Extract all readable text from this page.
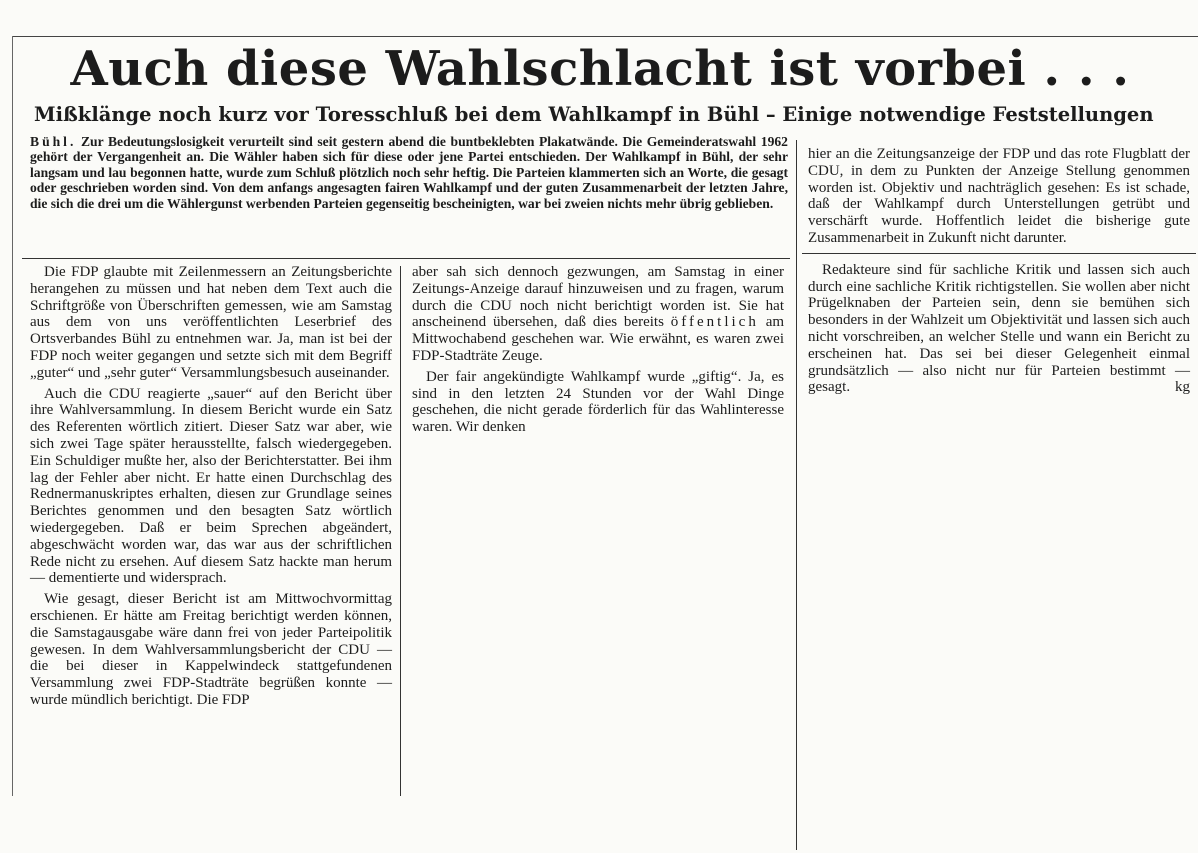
Auch diese Wahlschlacht ist vorbei . . .
Mißklänge noch kurz vor Toresschluß bei dem Wahlkampf in Bühl – Einige notwendige Feststellungen
Bühl. Zur Bedeutungslosigkeit verurteilt sind seit gestern abend die buntbeklebten Plakatwände. Die Gemeinderatswahl 1962 gehört der Vergangenheit an. Die Wähler haben sich für diese oder jene Partei entschieden. Der Wahlkampf in Bühl, der sehr langsam und lau begonnen hatte, wurde zum Schluß plötzlich noch sehr heftig. Die Parteien klammerten sich an Worte, die gesagt oder geschrieben worden sind. Von dem anfangs angesagten fairen Wahlkampf und der guten Zusammenarbeit der letzten Jahre, die sich die drei um die Wählergunst werbenden Parteien gegenseitig bescheinigten, war bei zweien nichts mehr übrig geblieben.

Die FDP glaubte mit Zeilenmessern an Zeitungsberichte herangehen zu müssen und hat neben dem Text auch die Schriftgröße von Überschriften gemessen, wie am Samstag aus dem von uns veröffentlichten Leserbrief des Ortsverbandes Bühl zu entnehmen war. Ja, man ist bei der FDP noch weiter gegangen und setzte sich mit dem Begriff „guter“ und „sehr guter“ Versammlungsbesuch auseinander.

Auch die CDU reagierte „sauer“ auf den Bericht über ihre Wahlversammlung. In diesem Bericht wurde ein Satz des Referenten wörtlich zitiert. Dieser Satz war aber, wie sich zwei Tage später herausstellte, falsch wiedergegeben. Ein Schuldiger mußte her, also der Berichterstatter. Bei ihm lag der Fehler aber nicht. Er hatte einen Durchschlag des Rednermanuskriptes erhalten, diesen zur Grundlage seines Berichtes genommen und den besagten Satz wörtlich wiedergegeben. Daß er beim Sprechen abgeändert, abgeschwächt worden war, das war aus der schriftlichen Rede nicht zu ersehen. Auf diesem Satz hackte man herum — dementierte und widersprach.

Wie gesagt, dieser Bericht ist am Mittwochvormittag erschienen. Er hätte am Freitag berichtigt werden können, die Samstagausgabe wäre dann frei von jeder Parteipolitik gewesen. In dem Wahlversammlungsbericht der CDU — die bei dieser in Kappelwindeck stattgefundenen Versammlung zwei FDP-Stadträte begrüßen konnte — wurde mündlich berichtigt. Die FDP

aber sah sich dennoch gezwungen, am Samstag in einer Zeitungs-Anzeige darauf hinzuweisen und zu fragen, warum durch die CDU noch nicht berichtigt worden ist. Sie hat anscheinend übersehen, daß dies bereits öffentlich am Mittwochabend geschehen war. Wie erwähnt, es waren zwei FDP-Stadträte Zeuge.

Der fair angekündigte Wahlkampf wurde „giftig“. Ja, es sind in den letzten 24 Stunden vor der Wahl Dinge geschehen, die nicht gerade förderlich für das Wahlinteresse waren. Wir denken

hier an die Zeitungsanzeige der FDP und das rote Flugblatt der CDU, in dem zu Punkten der Anzeige Stellung genommen worden ist. Objektiv und nachträglich gesehen: Es ist schade, daß der Wahlkampf durch Unterstellungen getrübt und verschärft wurde. Hoffentlich leidet die bisherige gute Zusammenarbeit in Zukunft nicht darunter.

Redakteure sind für sachliche Kritik und lassen sich auch durch eine sachliche Kritik richtigstellen. Sie wollen aber nicht Prügelknaben der Parteien sein, denn sie bemühen sich besonders in der Wahlzeit um Objektivität und lassen sich auch nicht vorschreiben, an welcher Stelle und wann ein Bericht zu erscheinen hat. Das sei bei dieser Gelegenheit einmal grundsätzlich — also nicht nur für Parteien bestimmt — gesagt.	kg
